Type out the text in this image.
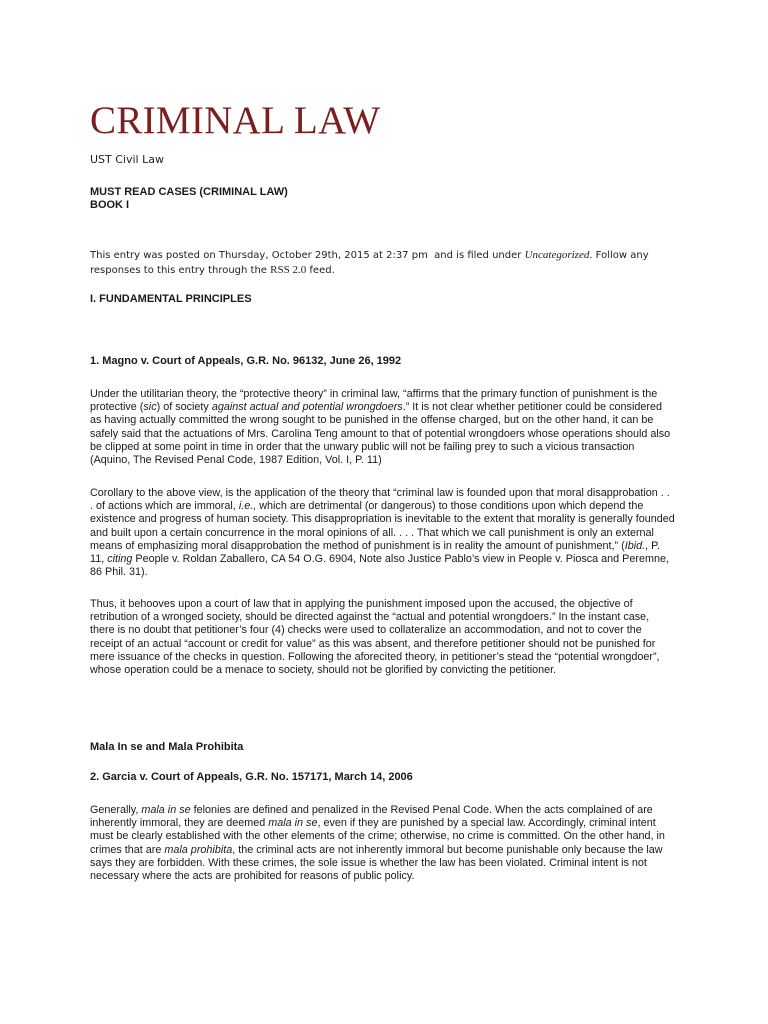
CRIMINAL LAW
UST Civil Law
MUST READ CASES (CRIMINAL LAW)
BOOK I
This entry was posted on Thursday, October 29th, 2015 at 2:37 pm and is filed under Uncategorized. Follow any responses to this entry through the RSS 2.0 feed.
I. FUNDAMENTAL PRINCIPLES
1. Magno v. Court of Appeals, G.R. No. 96132, June 26, 1992

Under the utilitarian theory, the “protective theory” in criminal law, “affirms that the primary function of punishment is the protective (sic) of society against actual and potential wrongdoers.” It is not clear whether petitioner could be considered as having actually committed the wrong sought to be punished in the offense charged, but on the other hand, it can be safely said that the actuations of Mrs. Carolina Teng amount to that of potential wrongdoers whose operations should also be clipped at some point in time in order that the unwary public will not be failing prey to such a vicious transaction (Aquino, The Revised Penal Code, 1987 Edition, Vol. I, P. 11)

Corollary to the above view, is the application of the theory that “criminal law is founded upon that moral disapprobation . . . of actions which are immoral, i.e., which are detrimental (or dangerous) to those conditions upon which depend the existence and progress of human society. This disappropriation is inevitable to the extent that morality is generally founded and built upon a certain concurrence in the moral opinions of all. . . . That which we call punishment is only an external means of emphasizing moral disapprobation the method of punishment is in reality the amount of punishment,” (Ibid., P. 11, citing People v. Roldan Zaballero, CA 54 O.G. 6904, Note also Justice Pablo’s view in People v. Piosca and Peremne, 86 Phil. 31).

Thus, it behooves upon a court of law that in applying the punishment imposed upon the accused, the objective of retribution of a wronged society, should be directed against the “actual and potential wrongdoers.” In the instant case, there is no doubt that petitioner’s four (4) checks were used to collateralize an accommodation, and not to cover the receipt of an actual “account or credit for value” as this was absent, and therefore petitioner should not be punished for mere issuance of the checks in question. Following the aforecited theory, in petitioner’s stead the “potential wrongdoer”, whose operation could be a menace to society, should not be glorified by convicting the petitioner.

Mala In se and Mala Prohibita
2. Garcia v. Court of Appeals, G.R. No. 157171, March 14, 2006

Generally, mala in se felonies are defined and penalized in the Revised Penal Code. When the acts complained of are inherently immoral, they are deemed mala in se, even if they are punished by a special law. Accordingly, criminal intent must be clearly established with the other elements of the crime; otherwise, no crime is committed. On the other hand, in crimes that are mala prohibita, the criminal acts are not inherently immoral but become punishable only because the law says they are forbidden. With these crimes, the sole issue is whether the law has been violated. Criminal intent is not necessary where the acts are prohibited for reasons of public policy.
